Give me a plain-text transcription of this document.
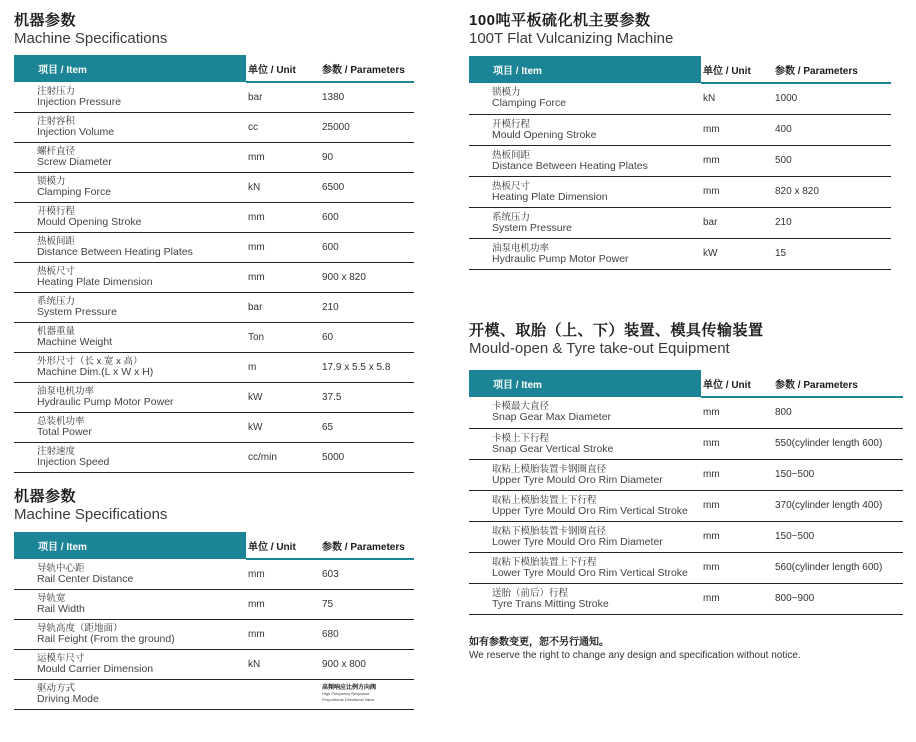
机器参数
Machine Specifications
项目 / Item	单位 / Unit	参数 / Parameters

注射压力
Injection Pressure	bar	1380

注射容积
Injection Volume	cc	25000

螺杆直径
Screw Diameter	mm	90

锁模力
Clamping Force	kN	6500

开模行程
Mould Opening Stroke	mm	600

热板间距
Distance Between Heating Plates	mm	600

热板尺寸
Heating Plate Dimension	mm	900 x 820

系统压力
System Pressure	bar	210

机器重量
Machine Weight	Ton	60

外形尺寸（长 x 宽 x 高）
Machine Dim.(L x W x H)	m	17.9 x 5.5 x 5.8

油泵电机功率
Hydraulic Pump Motor Power	kW	37.5

总装机功率
Total Power	kW	65

注射速度
Injection Speed	cc/min	5000
机器参数
Machine Specifications
项目 / Item	单位 / Unit	参数 / Parameters

导轨中心距
Rail Center Distance	mm	603

导轨宽
Rail Width	mm	75

导轨高度（距地面）
Rail Feight (From the ground)	mm	680

运模车尺寸
Mould Carrier Dimension	kN	900 x 800

驱动方式
Driving Mode		高频响应比例方向阀
High Frequency Response
Proportional Directional Valve
100吨平板硫化机主要参数
100T Flat Vulcanizing Machine
项目 / Item	单位 / Unit	参数 / Parameters

锁模力
Clamping Force	kN	1000

开模行程
Mould Opening Stroke	mm	400

热板间距
Distance Between Heating Plates	mm	500

热板尺寸
Heating Plate Dimension	mm	820 x 820

系统压力
System Pressure	bar	210

油泵电机功率
Hydraulic Pump Motor Power	kW	15
开模、取胎（上、下）装置、模具传输装置
Mould-open & Tyre take-out Equipment
项目 / Item	单位 / Unit	参数 / Parameters

卡模最大直径
Snap Gear Max Diameter	mm	800

卡模上下行程
Snap Gear Vertical Stroke	mm	550(cylinder length 600)

取粘上模胎装置卡钢圈直径
Upper Tyre Mould Oro Rim Diameter	mm	150~500

取粘上模胎装置上下行程
Upper Tyre Mould Oro Rim Vertical Stroke	mm	370(cylinder length 400)

取粘下模胎装置卡钢圈直径
Lower Tyre Mould Oro Rim Diameter	mm	150~500

取粘下模胎装置上下行程
Lower Tyre Mould Oro Rim Vertical Stroke	mm	560(cylinder length 600)

送胎（前后）行程
Tyre Trans Mitting Stroke	mm	800~900
如有参数变更，恕不另行通知。
We reserve the right to change any design and specification without notice.
